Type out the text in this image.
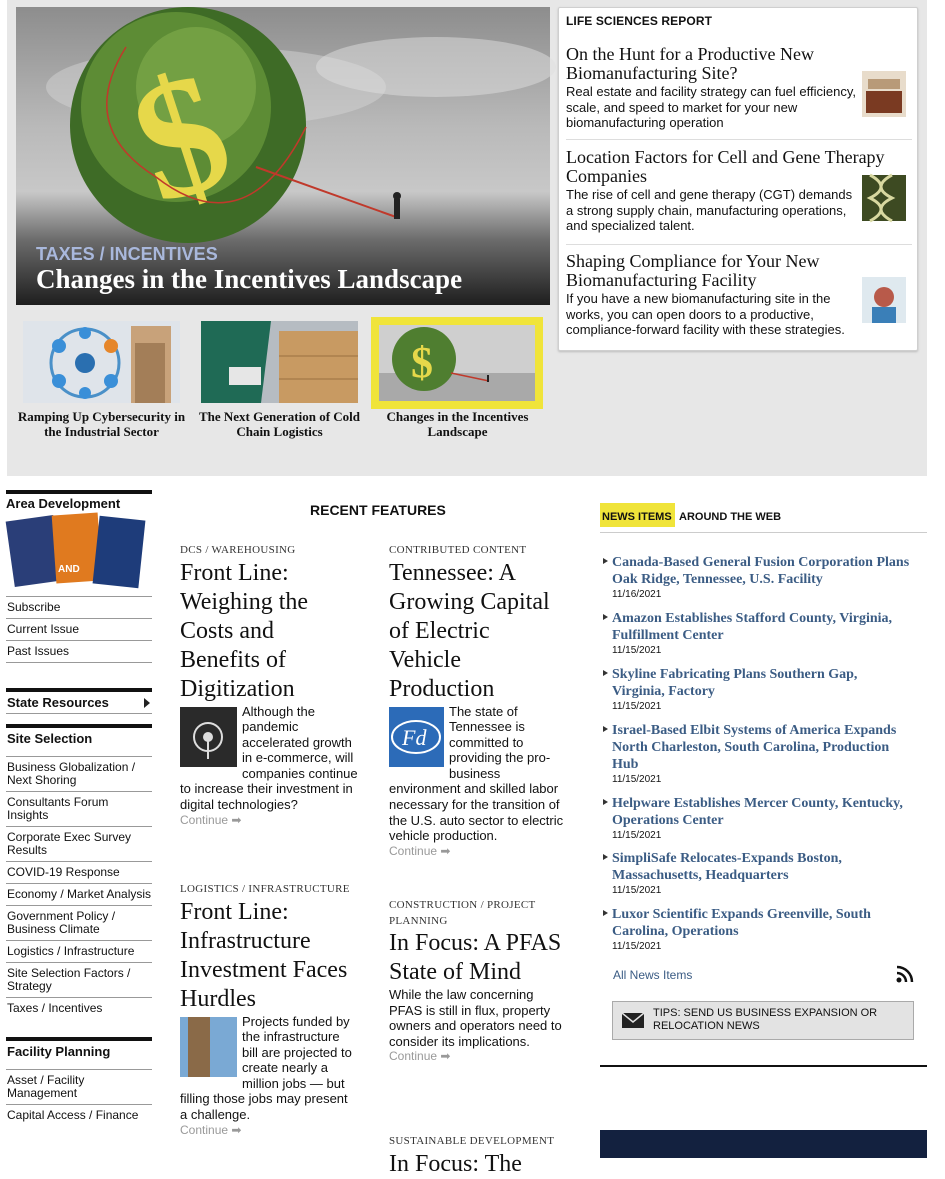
$
TAXES / INCENTIVES
Changes in the Incentives Landscape
$
Ramping Up Cybersecurity in the Industrial Sector
The Next Generation of Cold Chain Logistics
Changes in the Incentives Landscape
LIFE SCIENCES REPORT
On the Hunt for a Productive New Biomanufacturing Site?
Real estate and facility strategy can fuel efficiency, scale, and speed to market for your new biomanufacturing operation
Location Factors for Cell and Gene Therapy Companies
The rise of cell and gene therapy (CGT) demands a strong supply chain, manufacturing operations, and specialized talent.
Shaping Compliance for Your New Biomanufacturing Facility
If you have a new biomanufacturing site in the works, you can open doors to a productive, compliance-forward facility with these strategies.
Area Development
AND
Subscribe
Current Issue
Past Issues
State Resources
Site Selection
Business Globalization / Next Shoring
Consultants Forum Insights
Corporate Exec Survey Results
COVID-19 Response
Economy / Market Analysis
Government Policy / Business Climate
Logistics / Infrastructure
Site Selection Factors / Strategy
Taxes / Incentives
Facility Planning
Asset / Facility Management
Capital Access / Finance
RECENT FEATURES
DCS / WAREHOUSING
Front Line: Weighing the Costs and Benefits of Digitization
Although the pandemic accelerated growth in e-commerce, will companies continue to increase their investment in digital technologies?
Continue ➡
CONTRIBUTED CONTENT
Tennessee: A Growing Capital of Electric Vehicle Production
Fd
The state of Tennessee is committed to providing the pro-business environment and skilled labor necessary for the transition of the U.S. auto sector to electric vehicle production.
Continue ➡
LOGISTICS / INFRASTRUCTURE
Front Line: Infrastructure Investment Faces Hurdles
Projects funded by the infrastructure bill are projected to create nearly a million jobs — but filling those jobs may present a challenge.
Continue ➡
CONSTRUCTION / PROJECT PLANNING
In Focus: A PFAS State of Mind
While the law concerning PFAS is still in flux, property owners and operators need to consider its implications.
Continue ➡
SUSTAINABLE DEVELOPMENT
In Focus: The
NEWS ITEMS AROUND THE WEB
Canada-Based General Fusion Corporation Plans Oak Ridge, Tennessee, U.S. Facility
11/16/2021
Amazon Establishes Stafford County, Virginia, Fulfillment Center
11/15/2021
Skyline Fabricating Plans Southern Gap, Virginia, Factory
11/15/2021
Israel-Based Elbit Systems of America Expands North Charleston, South Carolina, Production Hub
11/15/2021
Helpware Establishes Mercer County, Kentucky, Operations Center
11/15/2021
SimpliSafe Relocates-Expands Boston, Massachusetts, Headquarters
11/15/2021
Luxor Scientific Expands Greenville, South Carolina, Operations
11/15/2021
All News Items
TIPS: SEND US BUSINESS EXPANSION OR RELOCATION NEWS
